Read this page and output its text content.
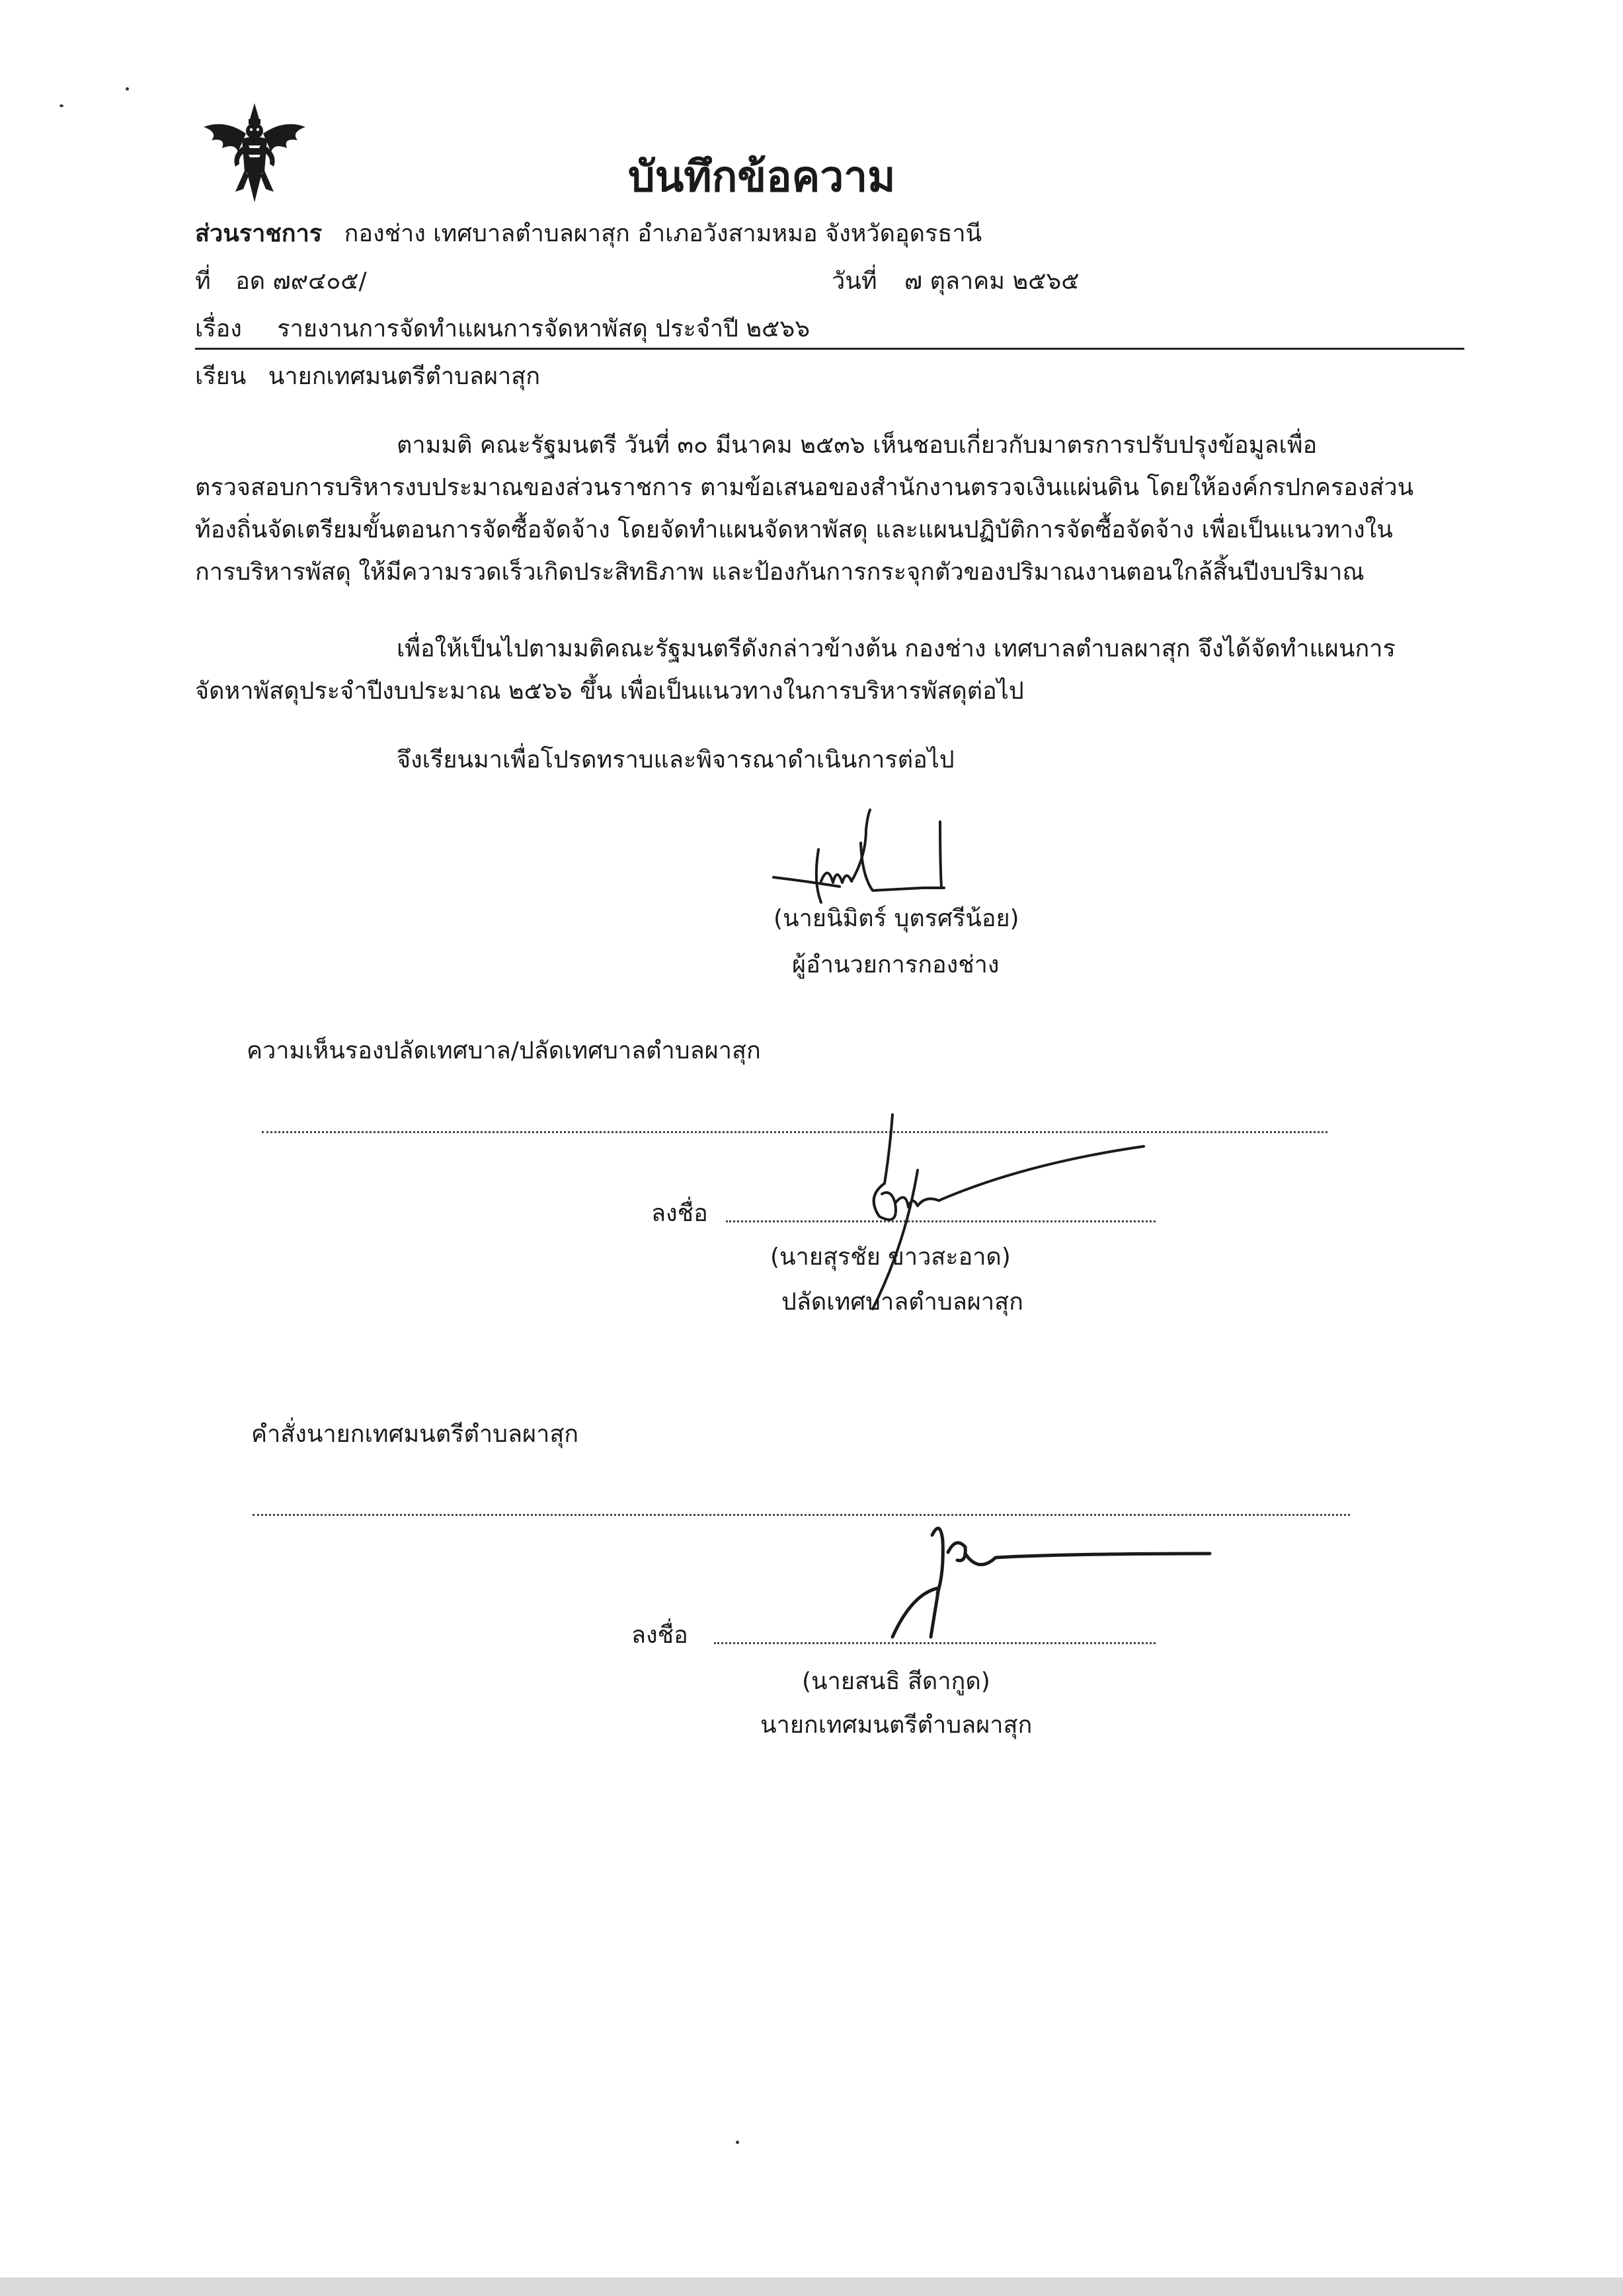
บันทึกข้อความ
ส่วนราชการ กองช่าง เทศบาลตำบลผาสุก อำเภอวังสามหมอ จังหวัดอุดรธานี
ที่ อด ๗๙๔๐๕/	วันที่ ๗ ตุลาคม ๒๕๖๕
เรื่อง รายงานการจัดทำแผนการจัดหาพัสดุ ประจำปี ๒๕๖๖
เรียน นายกเทศมนตรีตำบลผาสุก
ตามมติ คณะรัฐมนตรี วันที่ ๓๐ มีนาคม ๒๕๓๖ เห็นชอบเกี่ยวกับมาตรการปรับปรุงข้อมูลเพื่อ
ตรวจสอบการบริหารงบประมาณของส่วนราชการ ตามข้อเสนอของสำนักงานตรวจเงินแผ่นดิน โดยให้องค์กรปกครองส่วน
ท้องถิ่นจัดเตรียมขั้นตอนการจัดซื้อจัดจ้าง โดยจัดทำแผนจัดหาพัสดุ และแผนปฏิบัติการจัดซื้อจัดจ้าง เพื่อเป็นแนวทางใน
การบริหารพัสดุ ให้มีความรวดเร็วเกิดประสิทธิภาพ และป้องกันการกระจุกตัวของปริมาณงานตอนใกล้สิ้นปีงบปริมาณ
เพื่อให้เป็นไปตามมติคณะรัฐมนตรีดังกล่าวข้างต้น กองช่าง เทศบาลตำบลผาสุก จึงได้จัดทำแผนการ
จัดหาพัสดุประจำปีงบประมาณ ๒๕๖๖ ขึ้น เพื่อเป็นแนวทางในการบริหารพัสดุต่อไป
จึงเรียนมาเพื่อโปรดทราบและพิจารณาดำเนินการต่อไป
(นายนิมิตร์ บุตรศรีน้อย)
ผู้อำนวยการกองช่าง
ความเห็นรองปลัดเทศบาล/ปลัดเทศบาลตำบลผาสุก
ลงชื่อ
(นายสุรชัย ขาวสะอาด)
ปลัดเทศบาลตำบลผาสุก
คำสั่งนายกเทศมนตรีตำบลผาสุก
ลงชื่อ
(นายสนธิ สีดากูด)
นายกเทศมนตรีตำบลผาสุก
